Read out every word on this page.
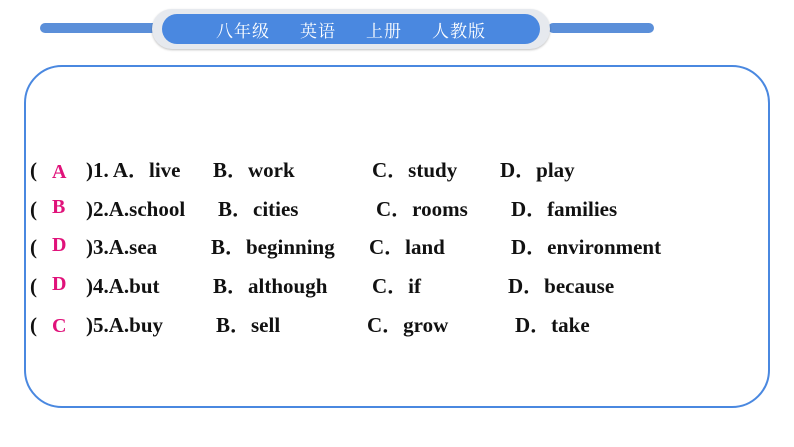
八年级 英语 上册 人教版
( A )1. A．live B．work	C．study D．play
( B )2.A.school B．cities	C．rooms D．families
( D )3.A.sea	B．beginning C．land	D．environment
( D )4.A.but	B．although C．if	D．because
( C )5.A.buy	B．sell	C．grow	D．take
